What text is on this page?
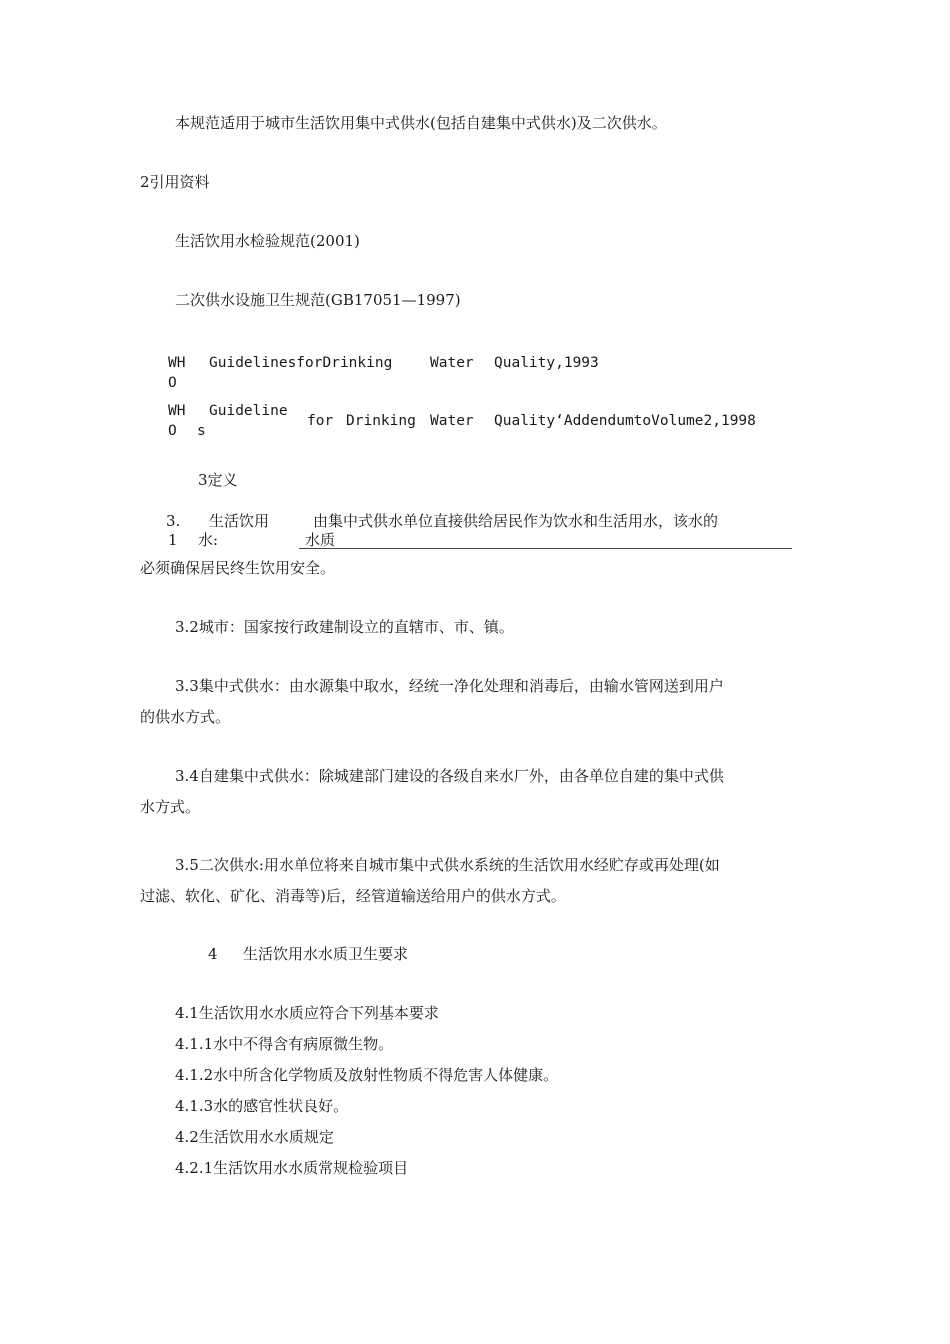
本规范适用于城市生活饮用集中式供水(包括自建集中式供水)及二次供水。
2引用资料
生活饮用水检验规范(2001)
二次供水设施卫生规范(GB17051—1997)
WH
O
GuidelinesforDrinking	Water Quality,1993
WH
O
Guideline
s
for Drinking Water Quality‘AddendumtoVolume2,1998
3定义
3.
1
生活饮用
水:
由集中式供水单位直接供给居民作为饮水和生活用水，该水的
水质
必须确保居民终生饮用安全。
3.2城市：国家按行政建制设立的直辖市、市、镇。
3.3集中式供水：由水源集中取水，经统一净化处理和消毒后，由输水管网送到用户
的供水方式。
3.4自建集中式供水：除城建部门建设的各级自来水厂外，由各单位自建的集中式供
水方式。
3.5二次供水:用水单位将来自城市集中式供水系统的生活饮用水经贮存或再处理(如
过滤、软化、矿化、消毒等)后，经管道输送给用户的供水方式。
4 生活饮用水水质卫生要求
4.1生活饮用水水质应符合下列基本要求
4.1.1水中不得含有病原微生物。
4.1.2水中所含化学物质及放射性物质不得危害人体健康。
4.1.3水的感官性状良好。
4.2生活饮用水水质规定
4.2.1生活饮用水水质常规检验项目
